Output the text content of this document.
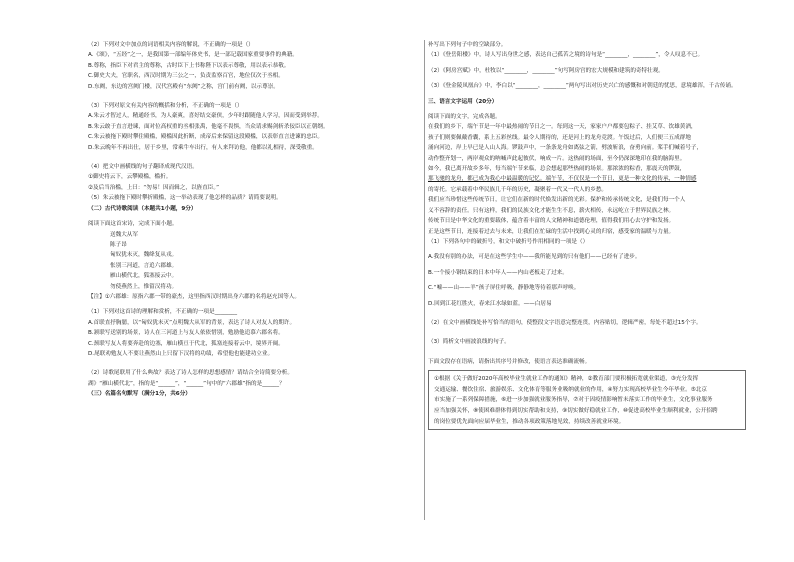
（2）下列对文中加点的词语相关内容的解说，不正确的一项是（）
A.《颂》，“五经”之一，是我国第一部编年体史书，是一部记载国家重要事件的典籍。
B.尊称，指臣下对君主的尊称，古时臣下上书称陛下以表示尊敬，用以表示恭敬。
C.御史大夫，官职名，西汉时期为三公之一，负责监察百官，地位仅次于丞相。
D.东阙，东边的宫阙门楼，汉代宫殿有“东阙”之称，宫门前有阙，以示尊崇。
（3）下列对原文有关内容的概括和分析，不正确的一项是（）
A.朱云才智过人，精通经书，为人豪爽，喜好结交豪侠，少年时跟随他人学习，因而受到举荐。
B.朱云敢于直言进谏，面对位高权重的丞相张禹，他毫不畏惧，当众请求赐剑斩杀佞臣以正朝纲。
C.朱云被拖下殿时攀住殿槛，殿槛因此折断，成帝后来保留这段殿槛，以表彰直言进谏的忠臣。
D.朱云晚年不再出仕，居于乡里，常乘牛车出行，有人来拜访他，他都以礼相待，深受敬重。
（4）把文中画横线的句子翻译成现代汉语。
①御史将云下，云攀殿槛，槛折。
②及后当治槛，上曰：“勿易！因而辑之，以旌直臣。”
（5）朱云被拖下殿时攀折殿槛，这一举动表现了他怎样的品质？请简要说明。
（二）古代诗歌阅读（本题共1小题，9分）
阅读下面这首宋诗，完成下面小题。
送魏大从军
陈子昂
匈奴犹未灭，魏绛复从戎。
怅别三河道，言追六郡雄。
雁山横代北，狐塞接云中。
勿使燕然上，惟留汉将功。
【注】①六郡雄：原指六郡一带的豪杰，这里指西汉时期出身六郡的名将赵充国等人。
（1）下列对这首诗的理解和赏析，不正确的一项是________
A.首联直抒胸臆，以“匈奴犹未灭”点明魏大从军的背景，表达了诗人对友人的期许。
B.颔联写送别的场景，诗人在三河道上与友人依依惜别，勉励他追慕六郡名将。
C.颈联写友人将要奔赴的边塞，雁山横亘于代北，狐塞连接着云中，境界开阔。
D.尾联劝勉友人不要让燕然山上只留下汉将的功绩，希望他也能建功立业。
（2）诗歌尾联用了什么典故？表达了诗人怎样的思想感情？请结合全诗简要分析。
湖》“雁山横代北”，指的是“______”，“______”句中的“六郡雄”指的是______？
（三）名篇名句默写（满分1分，共6分）
补写出下列句子中的空缺部分。
（1）《登岳阳楼》中，诗人写出身世之感，表达自己孤苦之境的诗句是“________，________”，令人叹息不已。
（2）《阿房宫赋》中，杜牧以“________，________”句写阿房宫的宏大规模和建筑的奇特壮观。
（3）《登金陵凤凰台》中，李白以“________，________”两句写出对历史兴亡的感慨和对朝廷的忧思，意境雄浑，千古传诵。
三、语言文字运用（20分）
阅读下面的文字，完成各题。
在我们的乡下，端午节是一年中最热闹的节日之一。每到这一天，家家户户都要包粽子、挂艾草、饮雄黄酒，
孩子们则要佩戴香囊，系上五彩丝线。最令人期待的，还是河上的龙舟竞渡。午饭过后，人们便三五成群地
涌向河边，岸上早已是人山人海。锣鼓声中，一条条龙舟如离弦之箭，劈波斩浪，奋勇向前。桨手们喊着号子，
动作整齐划一，两岸观众的呐喊声此起彼伏，响成一片。这热闹的场面，至今仍深深地印在我的脑海里。
如今，我已离开故乡多年，每当端午节来临，总会想起那些热闹的场景。那浓浓的粽香，那震天的锣鼓，
那飞驰的龙舟，都已成为我心中最温暖的记忆。端午节，不仅仅是一个节日，更是一种文化的传承，一种情感
的寄托。它承载着中华民族几千年的历史，凝聚着一代又一代人的乡愁。
我们应当珍惜这些传统节日，让它们在新的时代焕发出新的光彩。保护和传承传统文化，是我们每一个人
义不容辞的责任。只有这样，我们的民族文化才能生生不息，薪火相传，永远屹立于世界民族之林。
传统节日是中华文化的重要载体，蕴含着丰富的人文精神和道德伦理，值得我们用心去守护和发扬。
正是这些节日，连接着过去与未来，让我们在忙碌的生活中找到心灵的归宿，感受家的温暖与力量。
（1）下列各句中的破折号，和文中破折号作用相同的一项是（）
A.我没有别的办法，可是在这些学生中——我所能见到的只有他们——已经有了进步。
B.一个接小钢结束的日本中年人——内山老板走了过来。
C.“嘘——山——羊”孩子屏住呼吸，静静地等待着那声呼唤。
D.回到江花红胜火，春来江水绿如蓝。——白居易
（2）在文中画横线处补写恰当的语句，使整段文字语意完整连贯，内容贴切，逻辑严密，每处不超过15个字。
（3）简析文中画波浪线的句子。
下面文段存在语病，请指出其序号并修改，使语言表达准确流畅。
①根据《关于做好2020年高校毕业生就业工作的通知》精神，②教育部门要积极拓宽就业渠道，③充分发挥
交通运输、餐饮住宿、旅游娱乐、文化体育等服务业吸纳就业的作用，④努力实现高校毕业生今年毕业。⑤北京
市实施了一系列保障措施，⑥进一步加强就业服务指导，⑦对于因疫情影响暂未落实工作的毕业生，文化事业服务
应当加强关怀，⑧使困难群体得到切实帮助和支持，⑨切实做好稳就业工作，⑩促进高校毕业生顺利就业，公开招聘
的岗位要优先面向应届毕业生，推动各项政策落地见效，持续改善就业环境。
